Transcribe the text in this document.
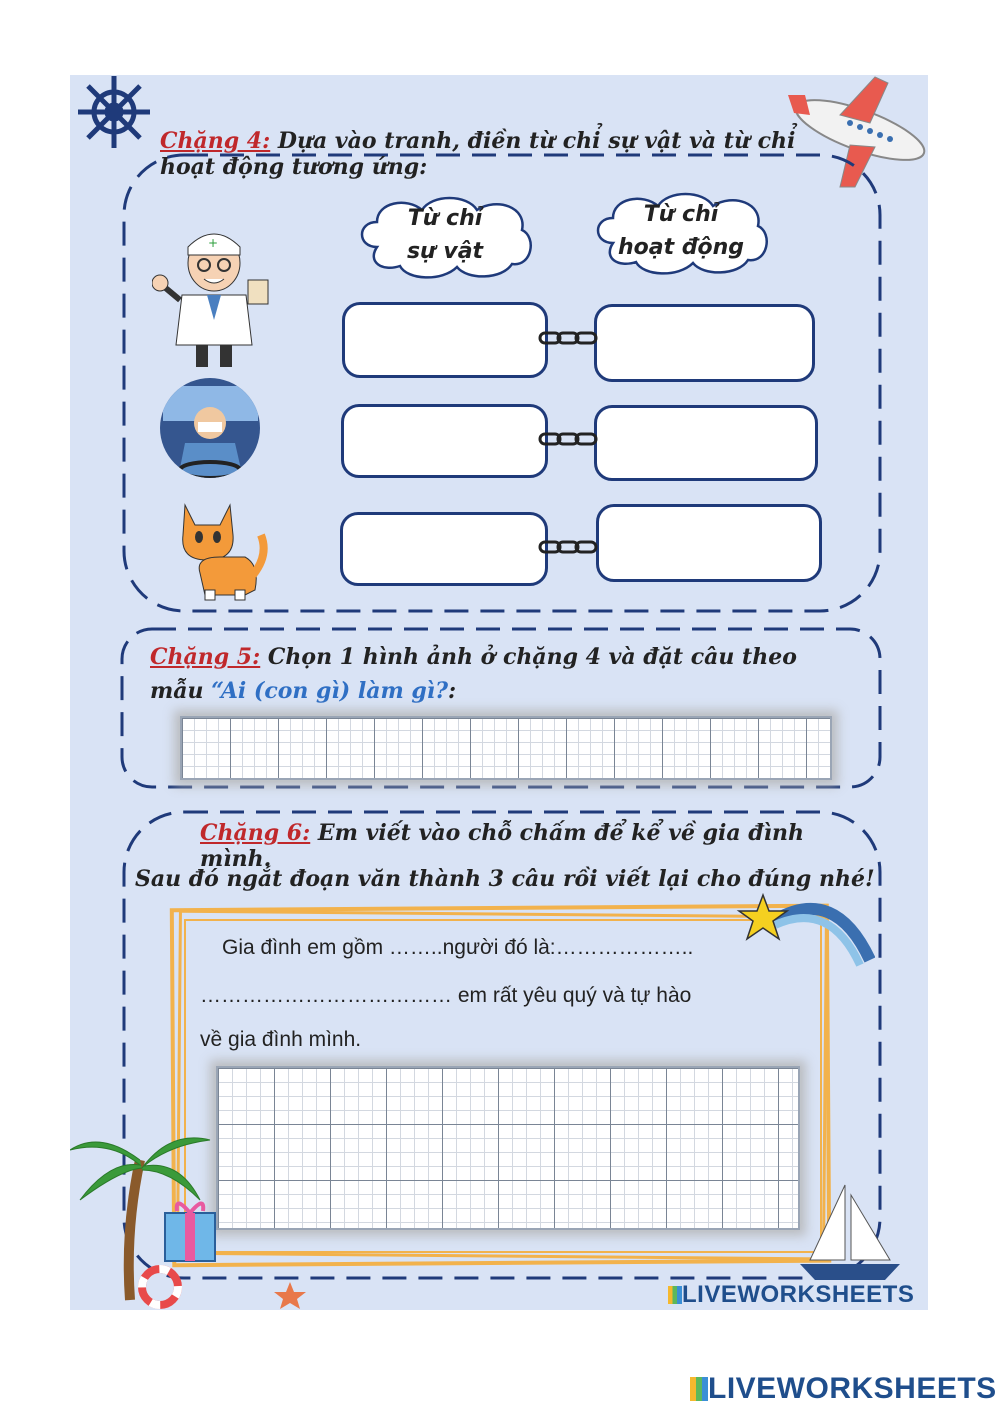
Chặng 4: Dựa vào tranh, điền từ chỉ sự vật và từ chỉ
hoạt động tương ứng:
Từ chỉ
sự vật
Từ chỉ
hoạt động
+
Chặng 5: Chọn 1 hình ảnh ở chặng 4 và đặt câu theo
mẫu “Ai (con gì) làm gì?:
Chặng 6: Em viết vào chỗ chấm để kể về gia đình mình.
Sau đó ngắt đoạn văn thành 3 câu rồi viết lại cho đúng nhé!
Gia đình em gồm ……..người đó là:………………..
……………………………… em rất yêu quý và tự hào
về gia đình mình.
LIVEWORKSHEETS
LIVEWORKSHEETS
